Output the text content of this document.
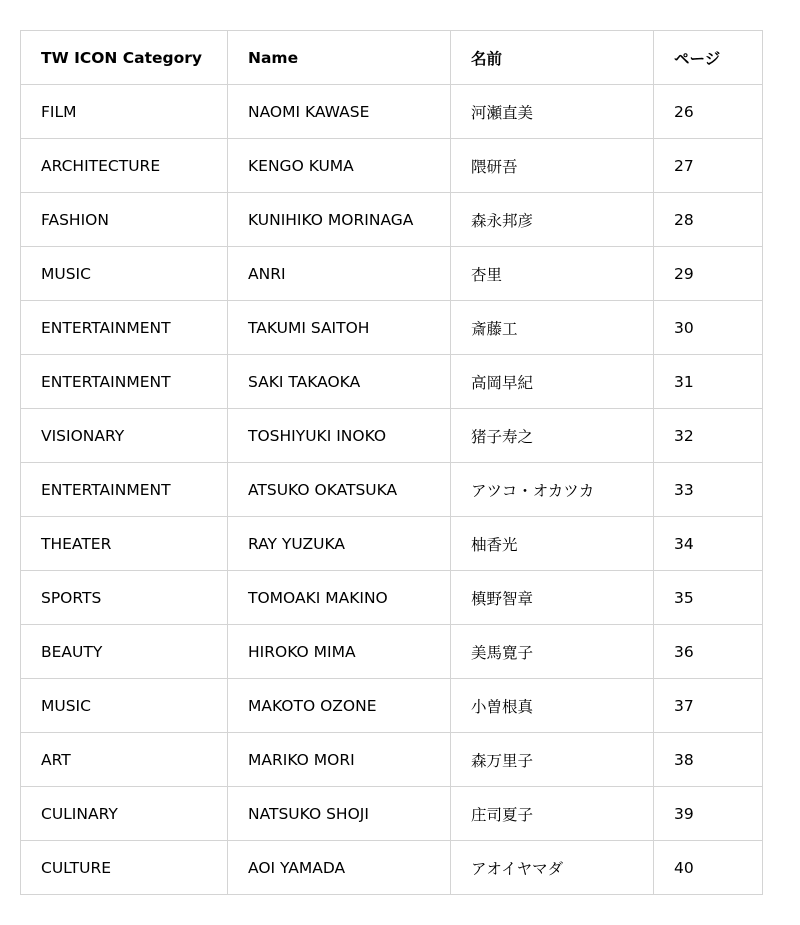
TW ICON Category	Name	名前	ページ
FILM	NAOMI KAWASE	河瀬直美	26
ARCHITECTURE	KENGO KUMA	隈研吾	27
FASHION	KUNIHIKO MORINAGA	森永邦彦	28
MUSIC	ANRI	杏里	29
ENTERTAINMENT	TAKUMI SAITOH	斎藤工	30
ENTERTAINMENT	SAKI TAKAOKA	高岡早紀	31
VISIONARY	TOSHIYUKI INOKO	猪子寿之	32
ENTERTAINMENT	ATSUKO OKATSUKA	アツコ・オカツカ	33
THEATER	RAY YUZUKA	柚香光	34
SPORTS	TOMOAKI MAKINO	槙野智章	35
BEAUTY	HIROKO MIMA	美馬寛子	36
MUSIC	MAKOTO OZONE	小曽根真	37
ART	MARIKO MORI	森万里子	38
CULINARY	NATSUKO SHOJI	庄司夏子	39
CULTURE	AOI YAMADA	アオイヤマダ	40
